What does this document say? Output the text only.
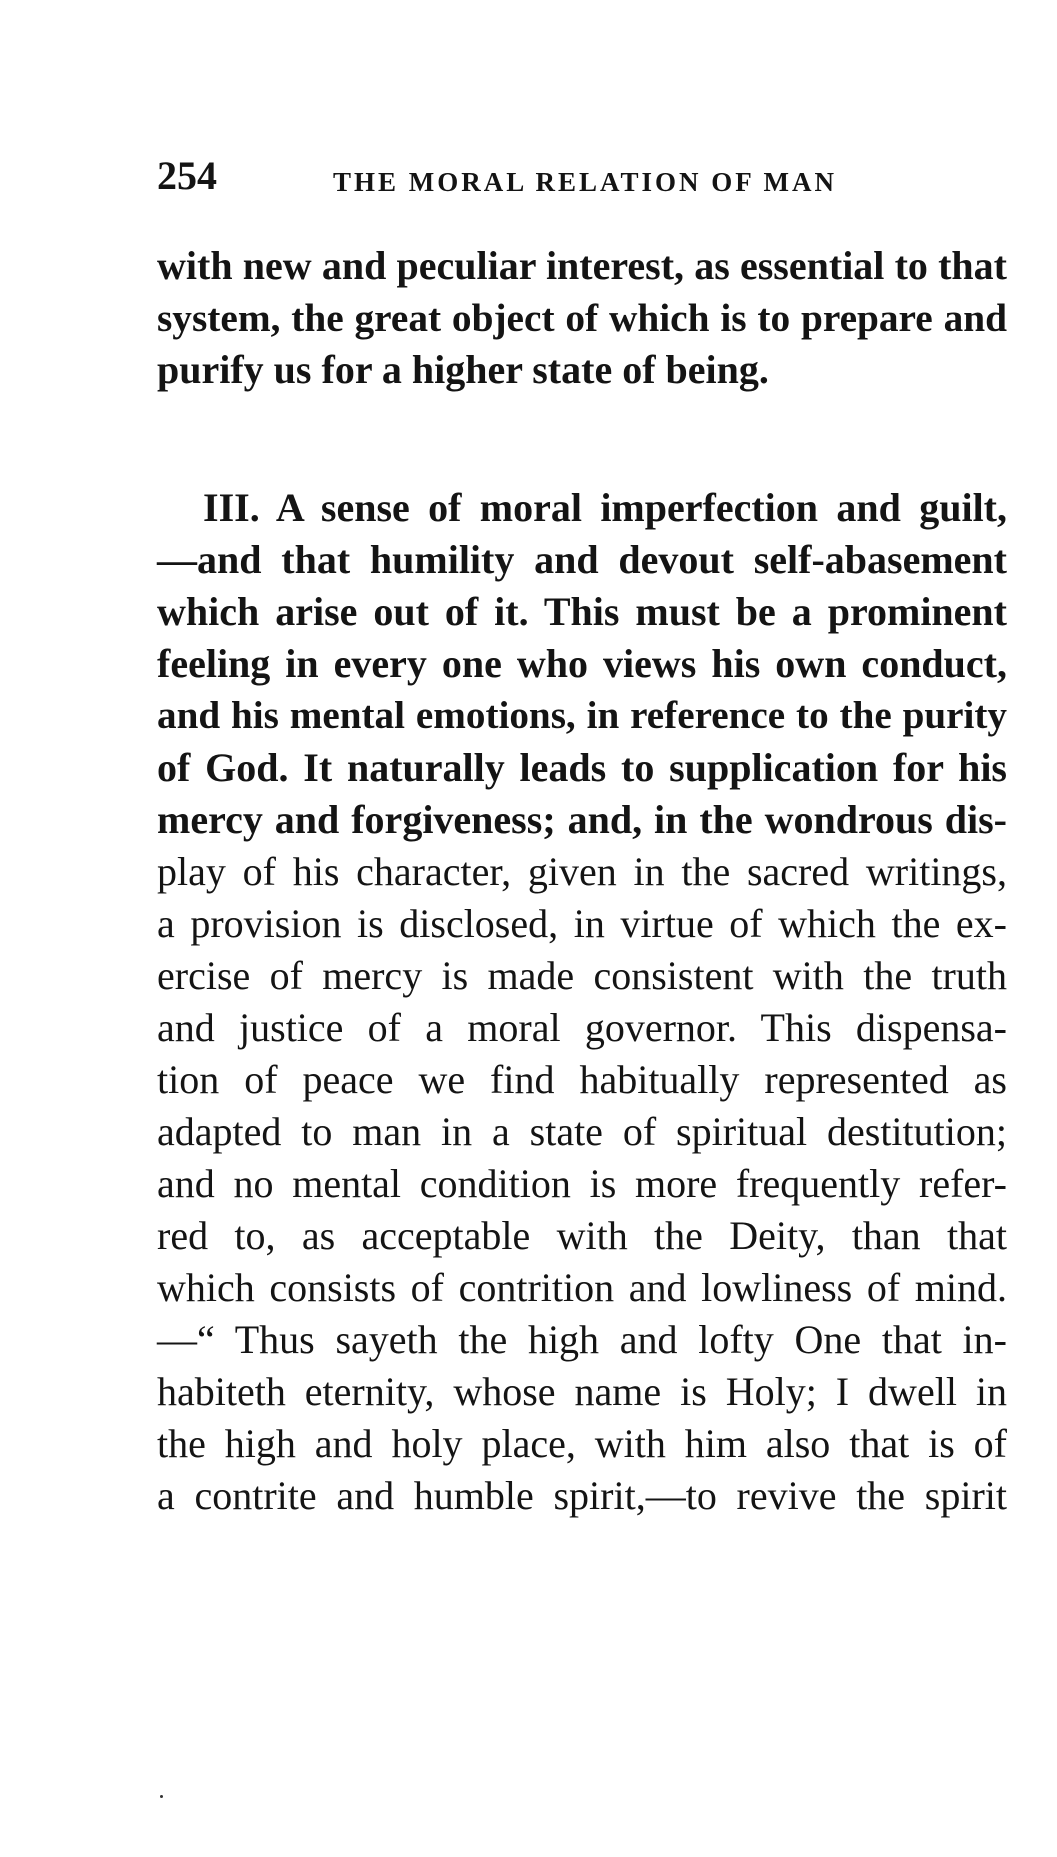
254	THE MORAL RELATION OF MAN
with new and peculiar interest, as essential to that
system, the great object of which is to prepare and
purify us for a higher state of being.
III. A sense of moral imperfection and guilt,
—and that humility and devout self-abasement
which arise out of it. This must be a prominent
feeling in every one who views his own conduct,
and his mental emotions, in reference to the purity
of God. It naturally leads to supplication for his
mercy and forgiveness; and, in the wondrous dis-
play of his character, given in the sacred writings,
a provision is disclosed, in virtue of which the ex-
ercise of mercy is made consistent with the truth
and justice of a moral governor. This dispensa-
tion of peace we find habitually represented as
adapted to man in a state of spiritual destitution;
and no mental condition is more frequently refer-
red to, as acceptable with the Deity, than that
which consists of contrition and lowliness of mind.
—“ Thus sayeth the high and lofty One that in-
habiteth eternity, whose name is Holy; I dwell in
the high and holy place, with him also that is of
a contrite and humble spirit,—to revive the spirit
